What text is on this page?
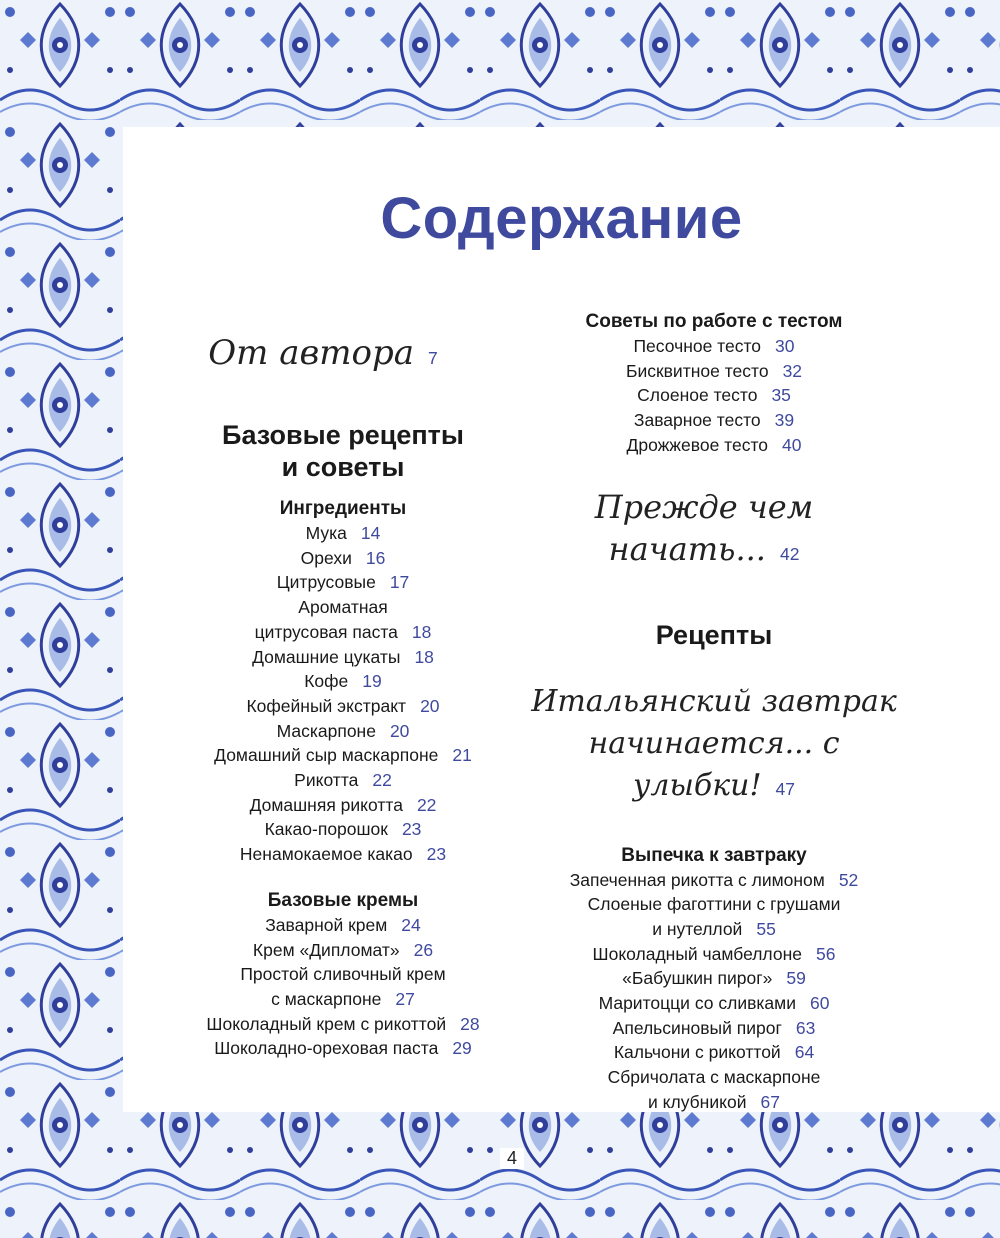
Содержание
От автора 7

Базовые рецепты

и советы

Ингредиенты

Мука 14

Орехи 16

Цитрусовые 17

Ароматная

цитрусовая паста 18

Домашние цукаты 18

Кофе 19

Кофейный экстракт 20

Маскарпоне 20

Домашний сыр маскарпоне 21

Рикотта 22

Домашняя рикотта 22

Какао-порошок 23

Ненамокаемое какао 23

Базовые кремы

Заварной крем 24

Крем «Дипломат» 26

Простой сливочный крем

с маскарпоне 27

Шоколадный крем с рикоттой 28

Шоколадно-ореховая паста 29

Советы по работе с тестом

Песочное тесто 30

Бисквитное тесто 32

Слоеное тесто 35

Заварное тесто 39

Дрожжевое тесто 40

Прежде чем начать... 42

Рецепты

Итальянский завтрак
начинается... с улыбки! 47

Выпечка к завтраку

Запеченная рикотта с лимоном 52

Слоеные фаготтини с грушами

и нутеллой 55

Шоколадный чамбеллоне 56

«Бабушкин пирог» 59

Маритоцци со сливками 60

Апельсиновый пирог 63

Кальчони с рикоттой 64

Сбричолата с маскарпоне

и клубникой 67

4
